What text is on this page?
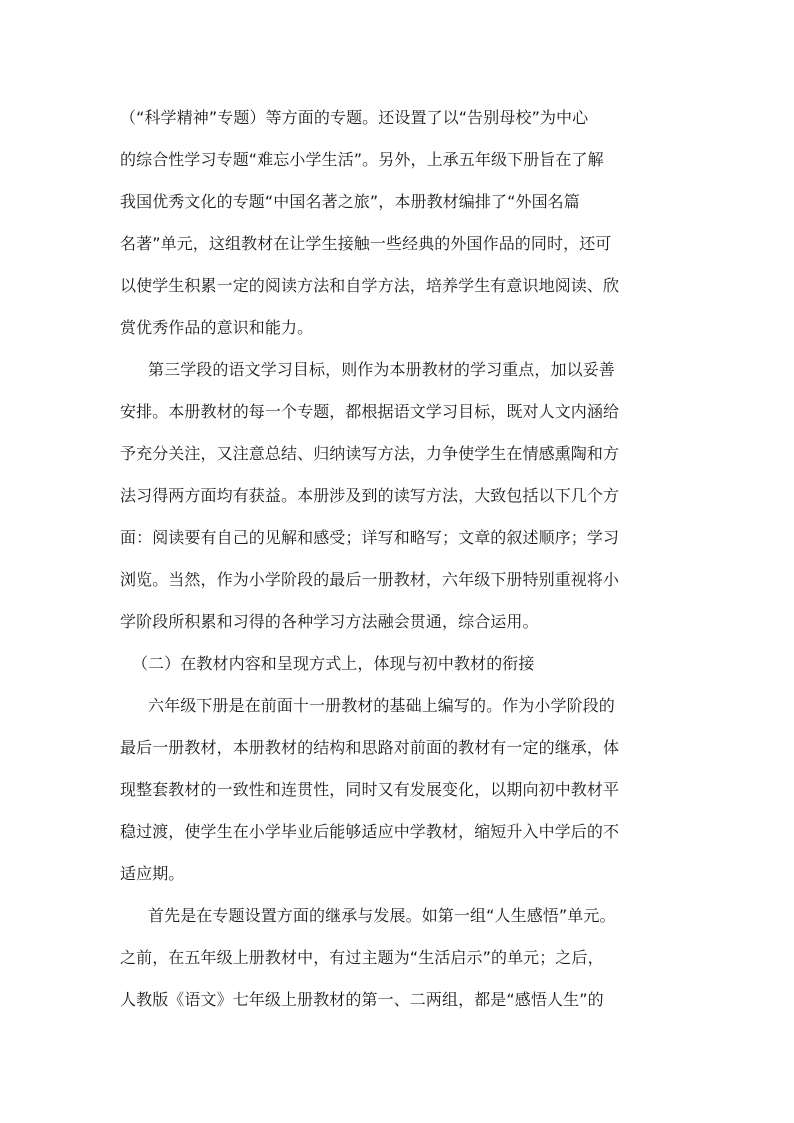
（“科学精神”专题）等方面的专题。还设置了以“告别母校”为中心
的综合性学习专题“难忘小学生活”。另外，上承五年级下册旨在了解
我国优秀文化的专题“中国名著之旅”，本册教材编排了“外国名篇
名著”单元，这组教材在让学生接触一些经典的外国作品的同时，还可
以使学生积累一定的阅读方法和自学方法，培养学生有意识地阅读、欣
赏优秀作品的意识和能力。
第三学段的语文学习目标，则作为本册教材的学习重点，加以妥善
安排。本册教材的每一个专题，都根据语文学习目标，既对人文内涵给
予充分关注，又注意总结、归纳读写方法，力争使学生在情感熏陶和方
法习得两方面均有获益。本册涉及到的读写方法，大致包括以下几个方
面：阅读要有自己的见解和感受；详写和略写；文章的叙述顺序；学习
浏览。当然，作为小学阶段的最后一册教材，六年级下册特别重视将小
学阶段所积累和习得的各种学习方法融会贯通，综合运用。
（二）在教材内容和呈现方式上，体现与初中教材的衔接
六年级下册是在前面十一册教材的基础上编写的。作为小学阶段的
最后一册教材，本册教材的结构和思路对前面的教材有一定的继承，体
现整套教材的一致性和连贯性，同时又有发展变化，以期向初中教材平
稳过渡，使学生在小学毕业后能够适应中学教材，缩短升入中学后的不
适应期。
首先是在专题设置方面的继承与发展。如第一组“人生感悟”单元。
之前，在五年级上册教材中，有过主题为“生活启示”的单元；之后，
人教版《语文》七年级上册教材的第一、二两组，都是“感悟人生”的
